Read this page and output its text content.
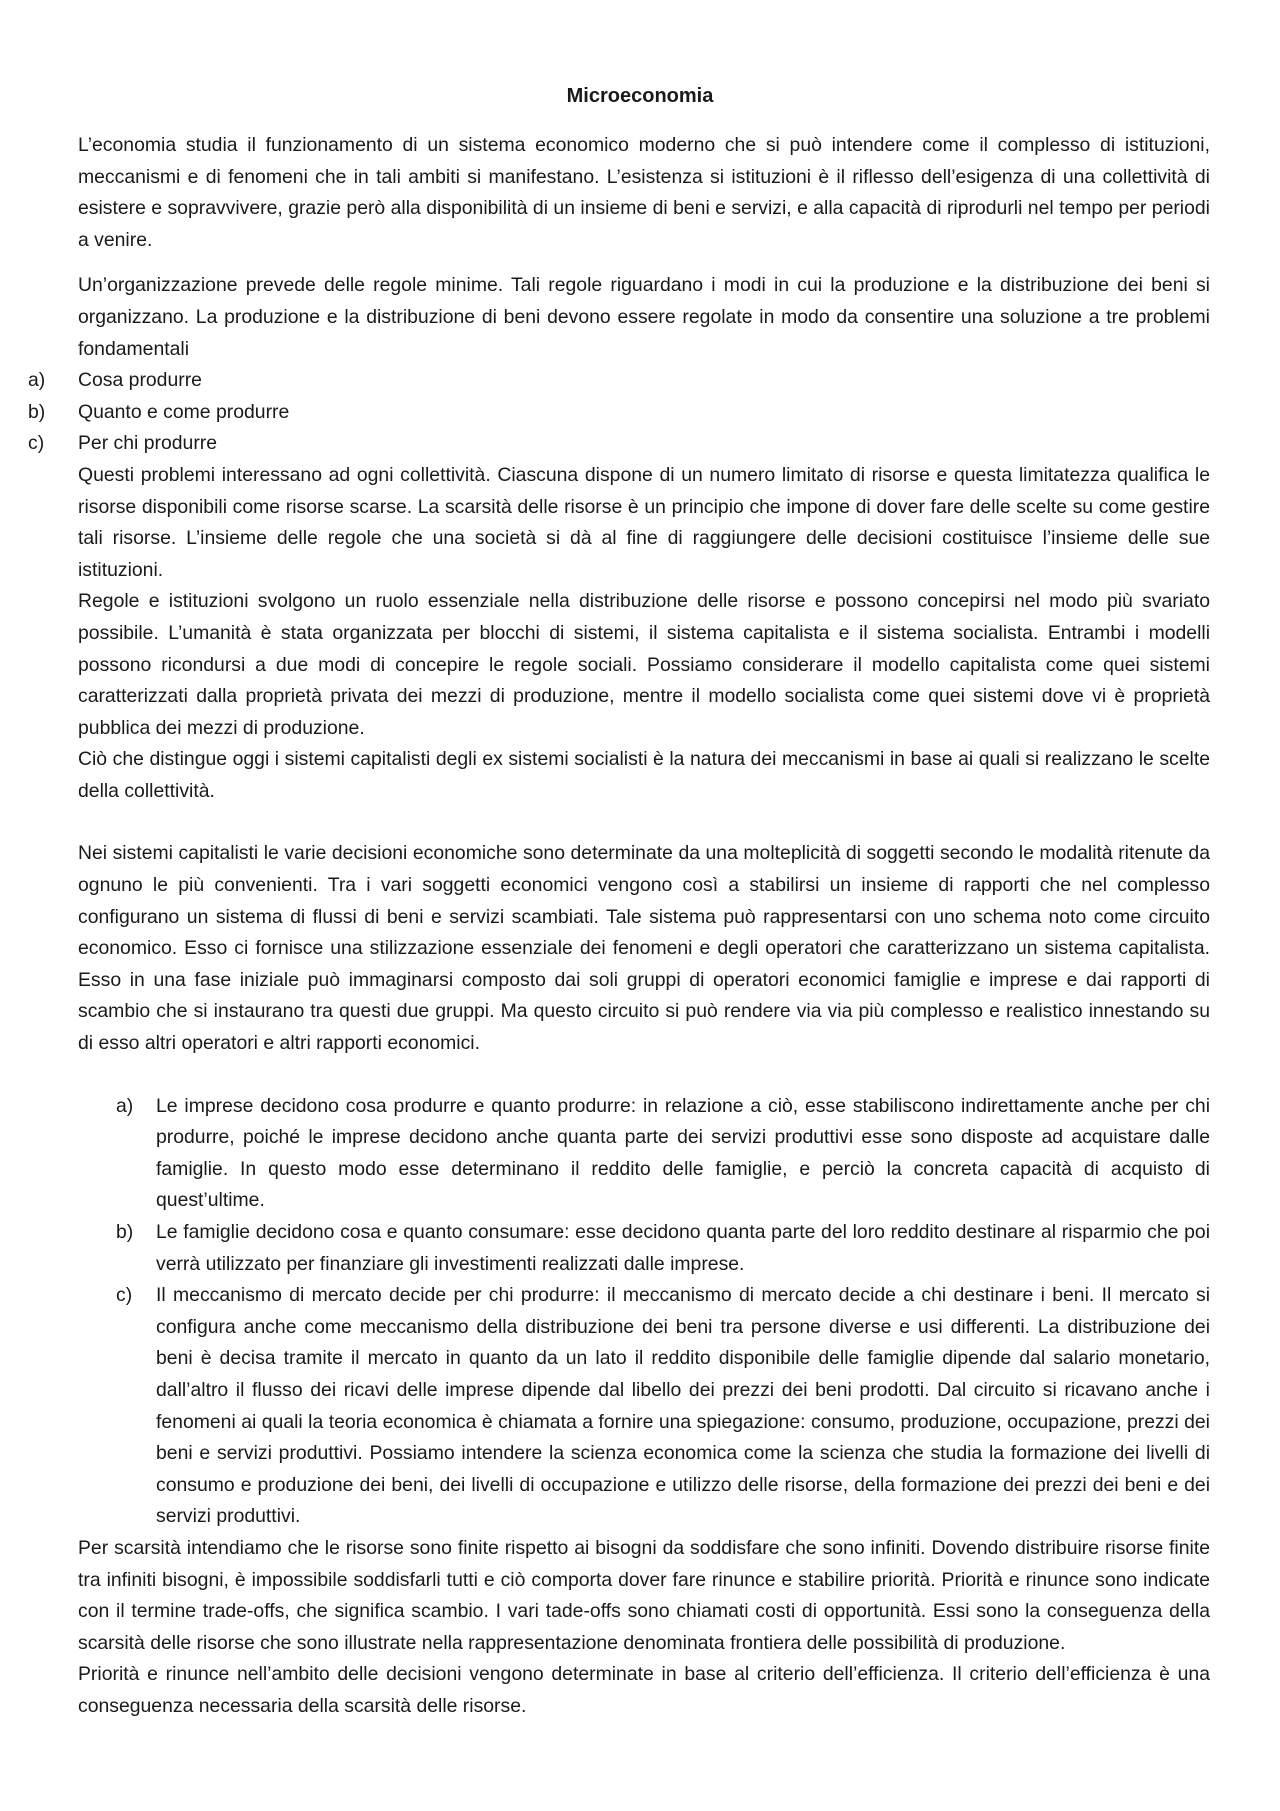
Microeconomia

L’economia studia il funzionamento di un sistema economico moderno che si può intendere come il complesso di istituzioni, meccanismi e di fenomeni che in tali ambiti si manifestano. L’esistenza si istituzioni è il riflesso dell’esigenza di una collettività di esistere e sopravvivere, grazie però alla disponibilità di un insieme di beni e servizi, e alla capacità di riprodurli nel tempo per periodi a venire.

Un’organizzazione prevede delle regole minime. Tali regole riguardano i modi in cui la produzione e la distribuzione dei beni si organizzano. La produzione e la distribuzione di beni devono essere regolate in modo da consentire una soluzione a tre problemi fondamentali

a) Cosa produrre
b) Quanto e come produrre
c) Per chi produrre

Questi problemi interessano ad ogni collettività. Ciascuna dispone di un numero limitato di risorse e questa limitatezza qualifica le risorse disponibili come risorse scarse. La scarsità delle risorse è un principio che impone di dover fare delle scelte su come gestire tali risorse. L’insieme delle regole che una società si dà al fine di raggiungere delle decisioni costituisce l’insieme delle sue istituzioni.

Regole e istituzioni svolgono un ruolo essenziale nella distribuzione delle risorse e possono concepirsi nel modo più svariato possibile. L’umanità è stata organizzata per blocchi di sistemi, il sistema capitalista e il sistema socialista. Entrambi i modelli possono ricondursi a due modi di concepire le regole sociali. Possiamo considerare il modello capitalista come quei sistemi caratterizzati dalla proprietà privata dei mezzi di produzione, mentre il modello socialista come quei sistemi dove vi è proprietà pubblica dei mezzi di produzione.

Ciò che distingue oggi i sistemi capitalisti degli ex sistemi socialisti è la natura dei meccanismi in base ai quali si realizzano le scelte della collettività.

Nei sistemi capitalisti le varie decisioni economiche sono determinate da una molteplicità di soggetti secondo le modalità ritenute da ognuno le più convenienti. Tra i vari soggetti economici vengono così a stabilirsi un insieme di rapporti che nel complesso configurano un sistema di flussi di beni e servizi scambiati. Tale sistema può rappresentarsi con uno schema noto come circuito economico. Esso ci fornisce una stilizzazione essenziale dei fenomeni e degli operatori che caratterizzano un sistema capitalista. Esso in una fase iniziale può immaginarsi composto dai soli gruppi di operatori economici famiglie e imprese e dai rapporti di scambio che si instaurano tra questi due gruppi. Ma questo circuito si può rendere via via più complesso e realistico innestando su di esso altri operatori e altri rapporti economici.

a) Le imprese decidono cosa produrre e quanto produrre: in relazione a ciò, esse stabiliscono indirettamente anche per chi produrre, poiché le imprese decidono anche quanta parte dei servizi produttivi esse sono disposte ad acquistare dalle famiglie. In questo modo esse determinano il reddito delle famiglie, e perciò la concreta capacità di acquisto di quest’ultime.
b) Le famiglie decidono cosa e quanto consumare: esse decidono quanta parte del loro reddito destinare al risparmio che poi verrà utilizzato per finanziare gli investimenti realizzati dalle imprese.
c) Il meccanismo di mercato decide per chi produrre: il meccanismo di mercato decide a chi destinare i beni. Il mercato si configura anche come meccanismo della distribuzione dei beni tra persone diverse e usi differenti. La distribuzione dei beni è decisa tramite il mercato in quanto da un lato il reddito disponibile delle famiglie dipende dal salario monetario, dall’altro il flusso dei ricavi delle imprese dipende dal libello dei prezzi dei beni prodotti. Dal circuito si ricavano anche i fenomeni ai quali la teoria economica è chiamata a fornire una spiegazione: consumo, produzione, occupazione, prezzi dei beni e servizi produttivi. Possiamo intendere la scienza economica come la scienza che studia la formazione dei livelli di consumo e produzione dei beni, dei livelli di occupazione e utilizzo delle risorse, della formazione dei prezzi dei beni e dei servizi produttivi.

Per scarsità intendiamo che le risorse sono finite rispetto ai bisogni da soddisfare che sono infiniti. Dovendo distribuire risorse finite tra infiniti bisogni, è impossibile soddisfarli tutti e ciò comporta dover fare rinunce e stabilire priorità. Priorità e rinunce sono indicate con il termine trade-offs, che significa scambio. I vari tade-offs sono chiamati costi di opportunità. Essi sono la conseguenza della scarsità delle risorse che sono illustrate nella rappresentazione denominata frontiera delle possibilità di produzione.

Priorità e rinunce nell’ambito delle decisioni vengono determinate in base al criterio dell’efficienza. Il criterio dell’efficienza è una conseguenza necessaria della scarsità delle risorse.
